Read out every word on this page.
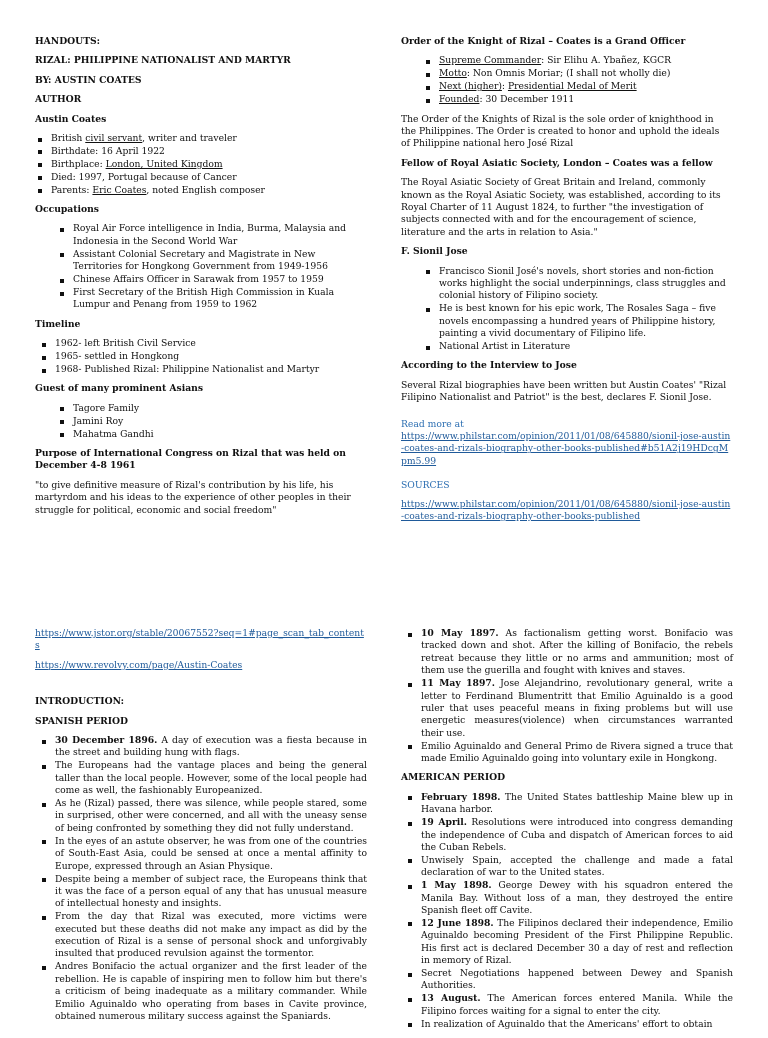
HANDOUTS:

RIZAL: PHILIPPINE NATIONALIST AND MARTYR

BY: AUSTIN COATES

AUTHOR

Austin Coates

British civil servant, writer and traveler
Birthdate: 16 April 1922
Birthplace: London, United Kingdom
Died: 1997, Portugal because of Cancer
Parents: Eric Coates, noted English composer

Occupations

Royal Air Force intelligence in India, Burma, Malaysia and Indonesia in the Second World War
Assistant Colonial Secretary and Magistrate in New Territories for Hongkong Government from 1949-1956
Chinese Affairs Officer in Sarawak from 1957 to 1959
First Secretary of the British High Commission in Kuala Lumpur and Penang from 1959 to 1962

Timeline

1962- left British Civil Service
1965- settled in Hongkong
1968- Published Rizal: Philippine Nationalist and Martyr

Guest of many prominent Asians

Tagore Family
Jamini Roy
Mahatma Gandhi

Purpose of International Congress on Rizal that was held on December 4-8 1961

"to give definitive measure of Rizal's contribution by his life, his martyrdom and his ideas to the experience of other peoples in their struggle for political, economic and social freedom"

Order of the Knight of Rizal – Coates is a Grand Officer

Supreme Commander: Sir Elihu A. Ybañez, KGCR
Motto: Non Omnis Moriar; (I shall not wholly die)
Next (higher): Presidential Medal of Merit
Founded: 30 December 1911

The Order of the Knights of Rizal is the sole order of knighthood in the Philippines. The Order is created to honor and uphold the ideals of Philippine national hero José Rizal

Fellow of Royal Asiatic Society, London – Coates was a fellow

The Royal Asiatic Society of Great Britain and Ireland, commonly known as the Royal Asiatic Society, was established, according to its Royal Charter of 11 August 1824, to further "the investigation of subjects connected with and for the encouragement of science, literature and the arts in relation to Asia."

F. Sionil Jose

Francisco Sionil José's novels, short stories and non-fiction works highlight the social underpinnings, class struggles and colonial history of Filipino society.
He is best known for his epic work, The Rosales Saga – five novels encompassing a hundred years of Philippine history, painting a vivid documentary of Filipino life.
National Artist in Literature

According to the Interview to Jose

Several Rizal biographies have been written but Austin Coates' "Rizal Filipino Nationalist and Patriot" is the best, declares F. Sionil Jose.

Read more at

https://www.philstar.com/opinion/2011/01/08/645880/sionil-jose-austin-coates-and-rizals-biography-other-books-published#b51A2j19HDcgMpm5.99

SOURCES

https://www.philstar.com/opinion/2011/01/08/645880/sionil-jose-austin-coates-and-rizals-biography-other-books-published

https://www.jstor.org/stable/20067552?seq=1#page_scan_tab_contents

https://www.revolvy.com/page/Austin-Coates

INTRODUCTION:

SPANISH PERIOD

30 December 1896. A day of execution was a fiesta because in the street and building hung with flags.
The Europeans had the vantage places and being the general taller than the local people. However, some of the local people had come as well, the fashionably Europeanized.
As he (Rizal) passed, there was silence, while people stared, some in surprised, other were concerned, and all with the uneasy sense of being confronted by something they did not fully understand.
In the eyes of an astute observer, he was from one of the countries of South-East Asia, could be sensed at once a mental affinity to Europe, expressed through an Asian Physique.
Despite being a member of subject race, the Europeans think that it was the face of a person equal of any that has unusual measure of intellectual honesty and insights.
From the day that Rizal was executed, more victims were executed but these deaths did not make any impact as did by the execution of Rizal is a sense of personal shock and unforgivably insulted that produced revulsion against the tormentor.
Andres Bonifacio the actual organizer and the first leader of the rebellion. He is capable of inspiring men to follow him but there's a criticism of being inadequate as a military commander. While Emilio Aguinaldo who operating from bases in Cavite province, obtained numerous military success against the Spaniards.
10 May 1897. As factionalism getting worst. Bonifacio was tracked down and shot. After the killing of Bonifacio, the rebels retreat because they little or no arms and ammunition; most of them use the guerilla and fought with knives and staves.
11 May 1897. Jose Alejandrino, revolutionary general, write a letter to Ferdinand Blumentritt that Emilio Aguinaldo is a good ruler that uses peaceful means in fixing problems but will use energetic measures(violence) when circumstances warranted their use.
Emilio Aguinaldo and General Primo de Rivera signed a truce that made Emilio Aguinaldo going into voluntary exile in Hongkong.

AMERICAN PERIOD

February 1898. The United States battleship Maine blew up in Havana harbor.
19 April. Resolutions were introduced into congress demanding the independence of Cuba and dispatch of American forces to aid the Cuban Rebels.
Unwisely Spain, accepted the challenge and made a fatal declaration of war to the United states.
1 May 1898. George Dewey with his squadron entered the Manila Bay. Without loss of a man, they destroyed the entire Spanish fleet off Cavite.
12 June 1898. The Filipinos declared their independence, Emilio Aguinaldo becoming President of the First Philippine Republic. His first act is declared December 30 a day of rest and reflection in memory of Rizal.
Secret Negotiations happened between Dewey and Spanish Authorities.
13 August. The American forces entered Manila. While the Filipino forces waiting for a signal to enter the city.
In realization of Aguinaldo that the Americans' effort to obtain
